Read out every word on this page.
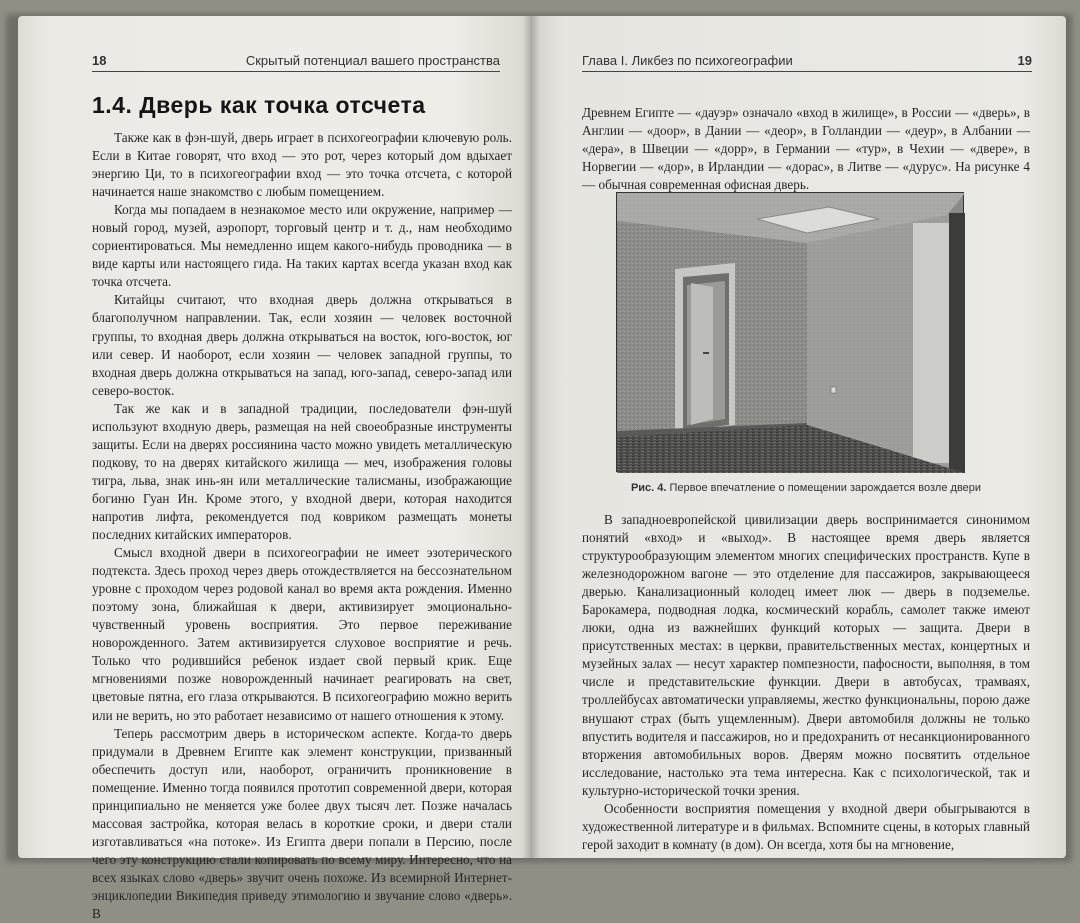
18	Скрытый потенциал вашего пространства
1.4. Дверь как точка отсчета

Также как в фэн-шуй, дверь играет в психогеографии ключевую роль. Если в Китае говорят, что вход — это рот, через который дом вдыхает энергию Ци, то в психогеографии вход — это точка отсчета, с которой начинается наше знакомство с любым помещением.

Когда мы попадаем в незнакомое место или окружение, например — новый город, музей, аэропорт, торговый центр и т. д., нам необходимо сориентироваться. Мы немедленно ищем какого-нибудь проводника — в виде карты или настоящего гида. На таких картах всегда указан вход как точка отсчета.

Китайцы считают, что входная дверь должна открываться в благополучном направлении. Так, если хозяин — человек восточной группы, то входная дверь должна открываться на восток, юго-восток, юг или север. И наоборот, если хозяин — человек западной группы, то входная дверь должна открываться на запад, юго-запад, северо-запад или северо-восток.

Так же как и в западной традиции, последователи фэн-шуй используют входную дверь, размещая на ней своеобразные инструменты защиты. Если на дверях россиянина часто можно увидеть металлическую подкову, то на дверях китайского жилища — меч, изображения головы тигра, льва, знак инь-ян или металлические талисманы, изображающие богиню Гуан Ин. Кроме этого, у входной двери, которая находится напротив лифта, рекомендуется под ковриком размещать монеты последних китайских императоров.

Смысл входной двери в психогеографии не имеет эзотерического подтекста. Здесь проход через дверь отождествляется на бессознательном уровне с проходом через родовой канал во время акта рождения. Именно поэтому зона, ближайшая к двери, активизирует эмоционально-чувственный уровень восприятия. Это первое переживание новорожденного. Затем активизируется слуховое восприятие и речь. Только что родившийся ребенок издает свой первый крик. Еще мгновениями позже новорожденный начинает реагировать на свет, цветовые пятна, его глаза открываются. В психогеографию можно верить или не верить, но это работает независимо от нашего отношения к этому.

Теперь рассмотрим дверь в историческом аспекте. Когда-то дверь придумали в Древнем Египте как элемент конструкции, призванный обеспечить доступ или, наоборот, ограничить проникновение в помещение. Именно тогда появился прототип современной двери, которая принципиально не меняется уже более двух тысяч лет. Позже началась массовая застройка, которая велась в короткие сроки, и двери стали изготавливаться «на потоке». Из Египта двери попали в Персию, после чего эту конструкцию стали копировать по всему миру. Интересно, что на всех языках слово «дверь» звучит очень похоже. Из всемирной Интернет-энциклопедии Википедия приведу этимологию и звучание слово «дверь». В

Глава I. Ликбез по психогеографии	19

Древнем Египте — «дауэр» означало «вход в жилище», в России — «дверь», в Англии — «доор», в Дании — «деор», в Голландии — «деур», в Албании — «дера», в Швеции — «дорр», в Германии — «тур», в Чехии — «двере», в Норвегии — «дор», в Ирландии — «дорас», в Литве — «дурус». На рисунке 4 — обычная современная офисная дверь.

Рис. 4. Первое впечатление о помещении зарождается возле двери

В западноевропейской цивилизации дверь воспринимается синонимом понятий «вход» и «выход». В настоящее время дверь является структурообразующим элементом многих специфических пространств. Купе в железнодорожном вагоне — это отделение для пассажиров, закрывающееся дверью. Канализационный колодец имеет люк — дверь в подземелье. Барокамера, подводная лодка, космический корабль, самолет также имеют люки, одна из важнейших функций которых — защита. Двери в присутственных местах: в церкви, правительственных местах, концертных и музейных залах — несут характер помпезности, пафосности, выполняя, в том числе и представительские функции. Двери в автобусах, трамваях, троллейбусах автоматически управляемы, жестко функциональны, порою даже внушают страх (быть ущемленным). Двери автомобиля должны не только впустить водителя и пассажиров, но и предохранить от несанкционированного вторжения автомобильных воров. Дверям можно посвятить отдельное исследование, настолько эта тема интересна. Как с психологической, так и культурно-исторической точки зрения.

Особенности восприятия помещения у входной двери обыгрываются в художественной литературе и в фильмах. Вспомните сцены, в которых главный герой заходит в комнату (в дом). Он всегда, хотя бы на мгновение,
